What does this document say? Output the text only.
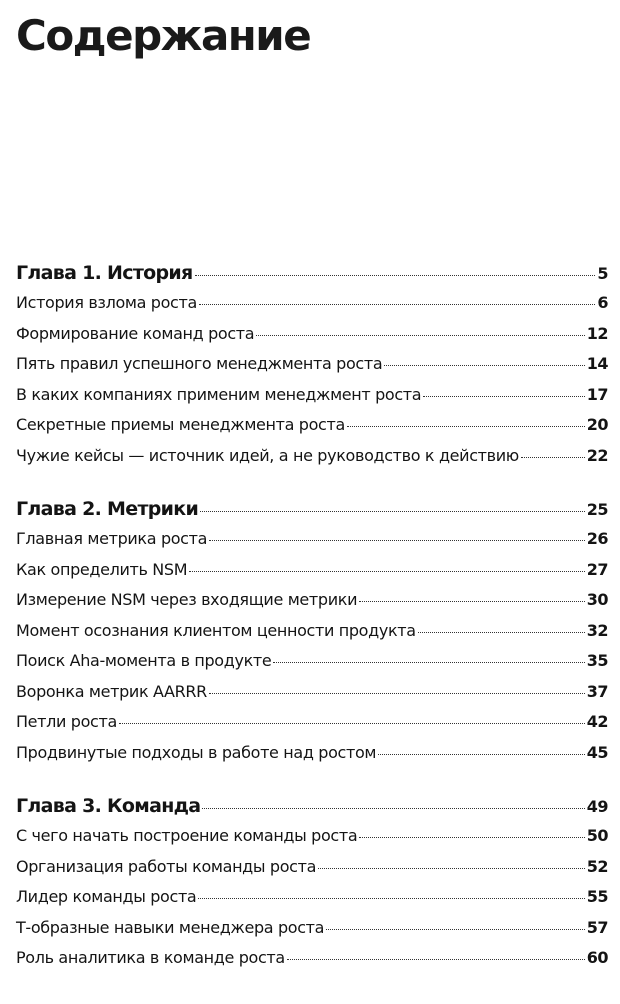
Содержание
Глава 1. История	5
История взлома роста	6
Формирование команд роста	12
Пять правил успешного менеджмента роста	14
В каких компаниях применим менеджмент роста	17
Секретные приемы менеджмента роста	20
Чужие кейсы — источник идей, а не руководство к действию	22
Глава 2. Метрики	25
Главная метрика роста	26
Как определить NSM	27
Измерение NSM через входящие метрики	30
Момент осознания клиентом ценности продукта	32
Поиск Aha-момента в продукте	35
Воронка метрик AARRR	37
Петли роста	42
Продвинутые подходы в работе над ростом	45
Глава 3. Команда	49
С чего начать построение команды роста	50
Организация работы команды роста	52
Лидер команды роста	55
Т-образные навыки менеджера роста	57
Роль аналитика в команде роста	60
